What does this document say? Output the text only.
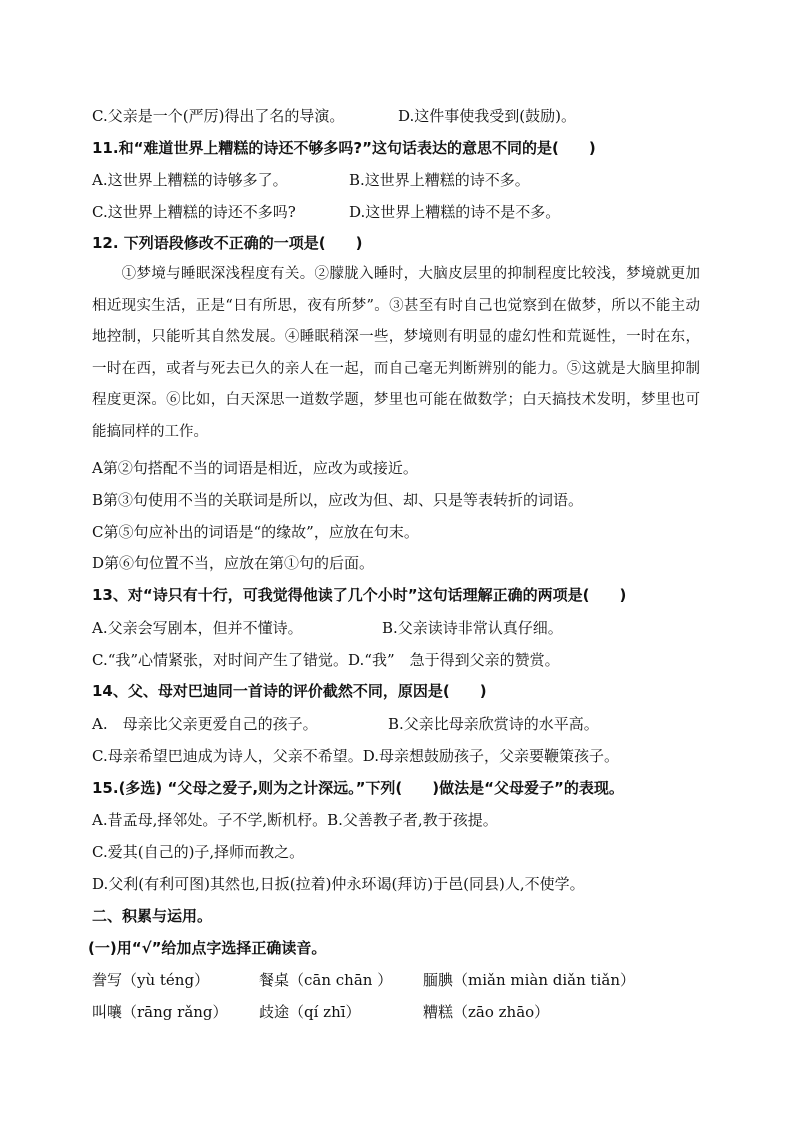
C.父亲是一个(严厉)得出了名的导演。	D.这件事使我受到(鼓励)。
11.和“难道世界上糟糕的诗还不够多吗?”这句话表达的意思不同的是(　　)
A.这世界上糟糕的诗够多了。	B.这世界上糟糕的诗不多。
C.这世界上糟糕的诗还不多吗?	D.这世界上糟糕的诗不是不多。
12. 下列语段修改不正确的一项是(　　)
　　①梦境与睡眠深浅程度有关。②朦胧入睡时，大脑皮层里的抑制程度比较浅，梦境就更加相近现实生活，正是“日有所思，夜有所梦”。③甚至有时自己也觉察到在做梦，所以不能主动地控制，只能听其自然发展。④睡眠稍深一些，梦境则有明显的虚幻性和荒诞性，一时在东，一时在西，或者与死去已久的亲人在一起，而自己毫无判断辨别的能力。⑤这就是大脑里抑制程度更深。⑥比如，白天深思一道数学题，梦里也可能在做数学；白天搞技术发明，梦里也可能搞同样的工作。
A第②句搭配不当的词语是相近，应改为或接近。
B第③句使用不当的关联词是所以，应改为但、却、只是等表转折的词语。
C第⑤句应补出的词语是“的缘故”，应放在句末。
D第⑥句位置不当，应放在第①句的后面。
13、对“诗只有十行，可我觉得他读了几个小时”这句话理解正确的两项是(　　)
A.父亲会写剧本，但并不懂诗。	B.父亲读诗非常认真仔细。
C.“我”心情紧张，对时间产生了错觉。D.“我”　急于得到父亲的赞赏。
14、父、母对巴迪同一首诗的评价截然不同，原因是(　　)
A.　母亲比父亲更爱自己的孩子。	B.父亲比母亲欣赏诗的水平高。
C.母亲希望巴迪成为诗人，父亲不希望。D.母亲想鼓励孩子，父亲要鞭策孩子。
15.(多选) “父母之爱子,则为之计深远。”下列(　　)做法是“父母爱子”的表现。
A.昔孟母,择邻处。子不学,断机杼。B.父善教子者,教于孩提。
C.爱其(自己的)子,择师而教之。
D.父利(有利可图)其然也,日扳(拉着)仲永环谒(拜访)于邑(同县)人,不使学。
二、积累与运用。
(一)用“√”给加点字选择正确读音。
誊写（yù téng）	餐桌（cān chān ） 腼腆（miǎn miàn diǎn tiǎn）
叫嚷（rāng rǎng） 歧途（qí zhī）	糟糕（zāo zhāo）
